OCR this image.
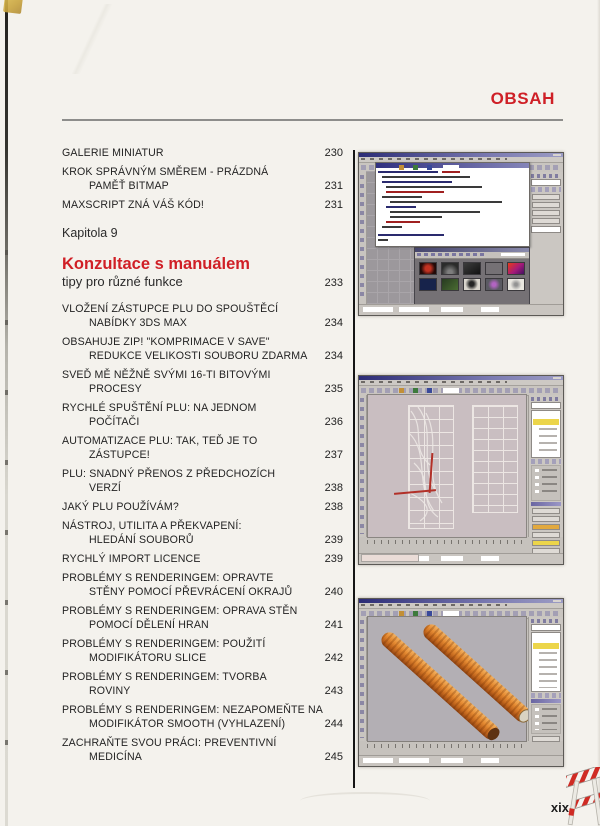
OBSAH
GALERIE MINIATUR	230
KROK SPRÁVNÝM SMĚREM - PRÁZDNÁ
PAMĚŤ BITMAP	231
MAXSCRIPT ZNÁ VÁŠ KÓD!	231
Kapitola 9
Konzultace s manuálem
tipy pro různé funkce	233
VLOŽENÍ ZÁSTUPCE PLU DO SPOUŠTĚCÍ
NABÍDKY 3DS MAX	234
OBSAHUJE ZIP! "KOMPRIMACE V SAVE"
REDUKCE VELIKOSTI SOUBORU ZDARMA	234
SVEĎ MĚ NĚŽNĚ SVÝMI 16-TI BITOVÝMI
PROCESY	235
RYCHLÉ SPUŠTĚNÍ PLU: NA JEDNOM
POČÍTAČI	236
AUTOMATIZACE PLU: TAK, TEĎ JE TO
ZÁSTUPCE!	237
PLU: SNADNÝ PŘENOS Z PŘEDCHOZÍCH
VERZÍ	238
JAKÝ PLU POUŽÍVÁM?	238
NÁSTROJ, UTILITA A PŘEKVAPENÍ:
HLEDÁNÍ SOUBORŮ	239
RYCHLÝ IMPORT LICENCE	239
PROBLÉMY S RENDERINGEM: OPRAVTE
STĚNY POMOCÍ PŘEVRÁCENÍ OKRAJŮ	240
PROBLÉMY S RENDERINGEM: OPRAVA STĚN
POMOCÍ DĚLENÍ HRAN	241
PROBLÉMY S RENDERINGEM: POUŽITÍ
MODIFIKÁTORU SLICE	242
PROBLÉMY S RENDERINGEM: TVORBA
ROVINY	243
PROBLÉMY S RENDERINGEM: NEZAPOMEŇTE NA
MODIFIKÁTOR SMOOTH (VYHLAZENÍ)	244
ZACHRAŇTE SVOU PRÁCI: PREVENTIVNÍ
MEDICÍNA	245
xix
